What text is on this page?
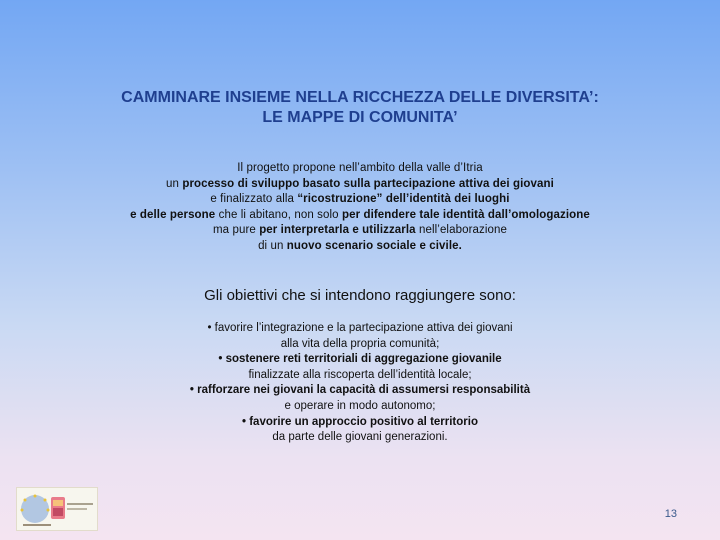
CAMMINARE INSIEME NELLA RICCHEZZA DELLE DIVERSITA’:
LE MAPPE DI COMUNITA’
Il progetto propone nell’ambito della valle d’Itria
un processo di sviluppo basato sulla partecipazione attiva dei giovani
e finalizzato alla “ricostruzione” dell’identità dei luoghi
e delle persone che li abitano, non solo per difendere tale identità dall’omologazione
ma pure per interpretarla e utilizzarla nell’elaborazione
di un nuovo scenario sociale e civile.
Gli obiettivi che si intendono raggiungere sono:
• favorire l’integrazione e la partecipazione attiva dei giovani
alla vita della propria comunità;
• sostenere reti territoriali di aggregazione giovanile
finalizzate alla riscoperta dell’identità locale;
• rafforzare nei giovani la capacità di assumersi responsabilità
e operare in modo autonomo;
• favorire un approccio positivo al territorio
da parte delle giovani generazioni.
13
